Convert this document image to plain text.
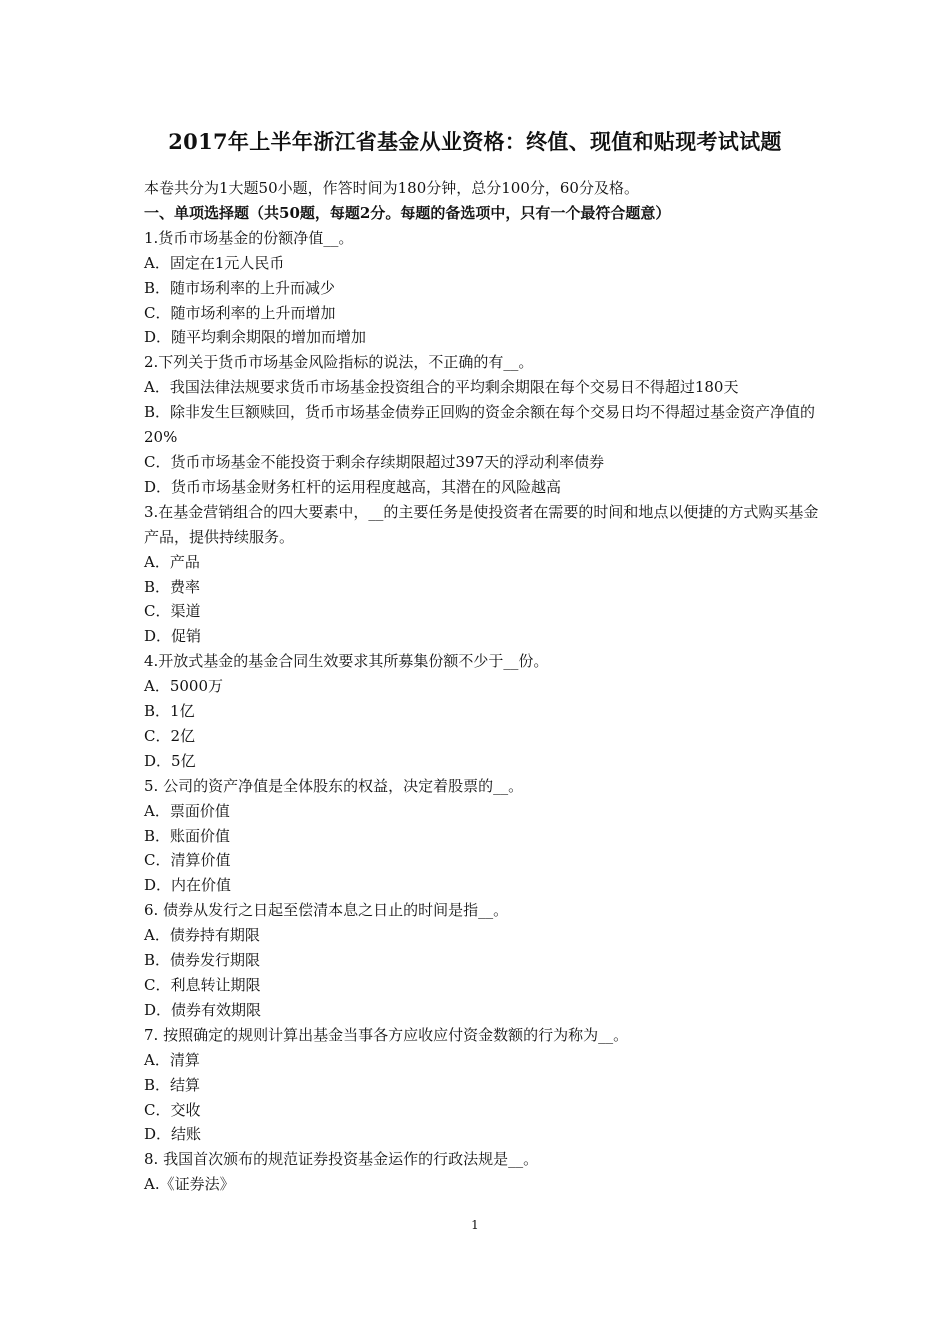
2017年上半年浙江省基金从业资格：终值、现值和贴现考试试题
本卷共分为1大题50小题，作答时间为180分钟，总分100分，60分及格。
一、单项选择题（共50题，每题2分。每题的备选项中，只有一个最符合题意）
1.货币市场基金的份额净值__。
A．固定在1元人民币
B．随市场利率的上升而减少
C．随市场利率的上升而增加
D．随平均剩余期限的增加而增加
2.下列关于货币市场基金风险指标的说法，不正确的有__。
A．我国法律法规要求货币市场基金投资组合的平均剩余期限在每个交易日不得超过180天
B．除非发生巨额赎回，货币市场基金债券正回购的资金余额在每个交易日均不得超过基金资产净值的20%
C．货币市场基金不能投资于剩余存续期限超过397天的浮动利率债券
D．货币市场基金财务杠杆的运用程度越高，其潜在的风险越高
3.在基金营销组合的四大要素中，__的主要任务是使投资者在需要的时间和地点以便捷的方式购买基金产品，提供持续服务。
A．产品
B．费率
C．渠道
D．促销
4.开放式基金的基金合同生效要求其所募集份额不少于__份。
A．5000万
B．1亿
C．2亿
D．5亿
5. 公司的资产净值是全体股东的权益，决定着股票的__。
A．票面价值
B．账面价值
C．清算价值
D．内在价值
6. 债券从发行之日起至偿清本息之日止的时间是指__。
A．债券持有期限
B．债券发行期限
C．利息转让期限
D．债券有效期限
7. 按照确定的规则计算出基金当事各方应收应付资金数额的行为称为__。
A．清算
B．结算
C．交收
D．结账
8. 我国首次颁布的规范证券投资基金运作的行政法规是__。
A.《证券法》
1
